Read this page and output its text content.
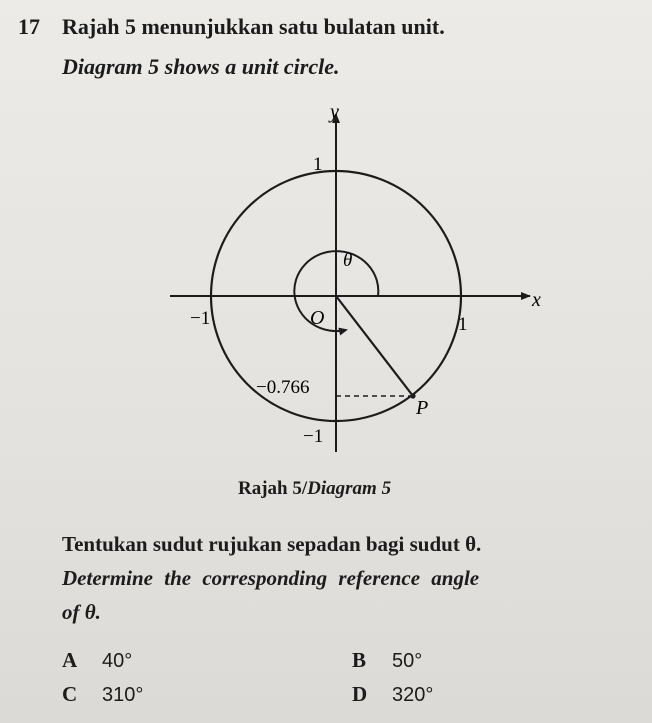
17 Rajah 5 menunjukkan satu bulatan unit.
Diagram 5 shows a unit circle.
y
x
1
−1
−1	1
O
θ
P
−0.766
Rajah 5/Diagram 5
Tentukan sudut rujukan sepadan bagi sudut θ.
Determine the corresponding reference angle
of θ.
A 40°	B 50°
C 310°	D 320°
